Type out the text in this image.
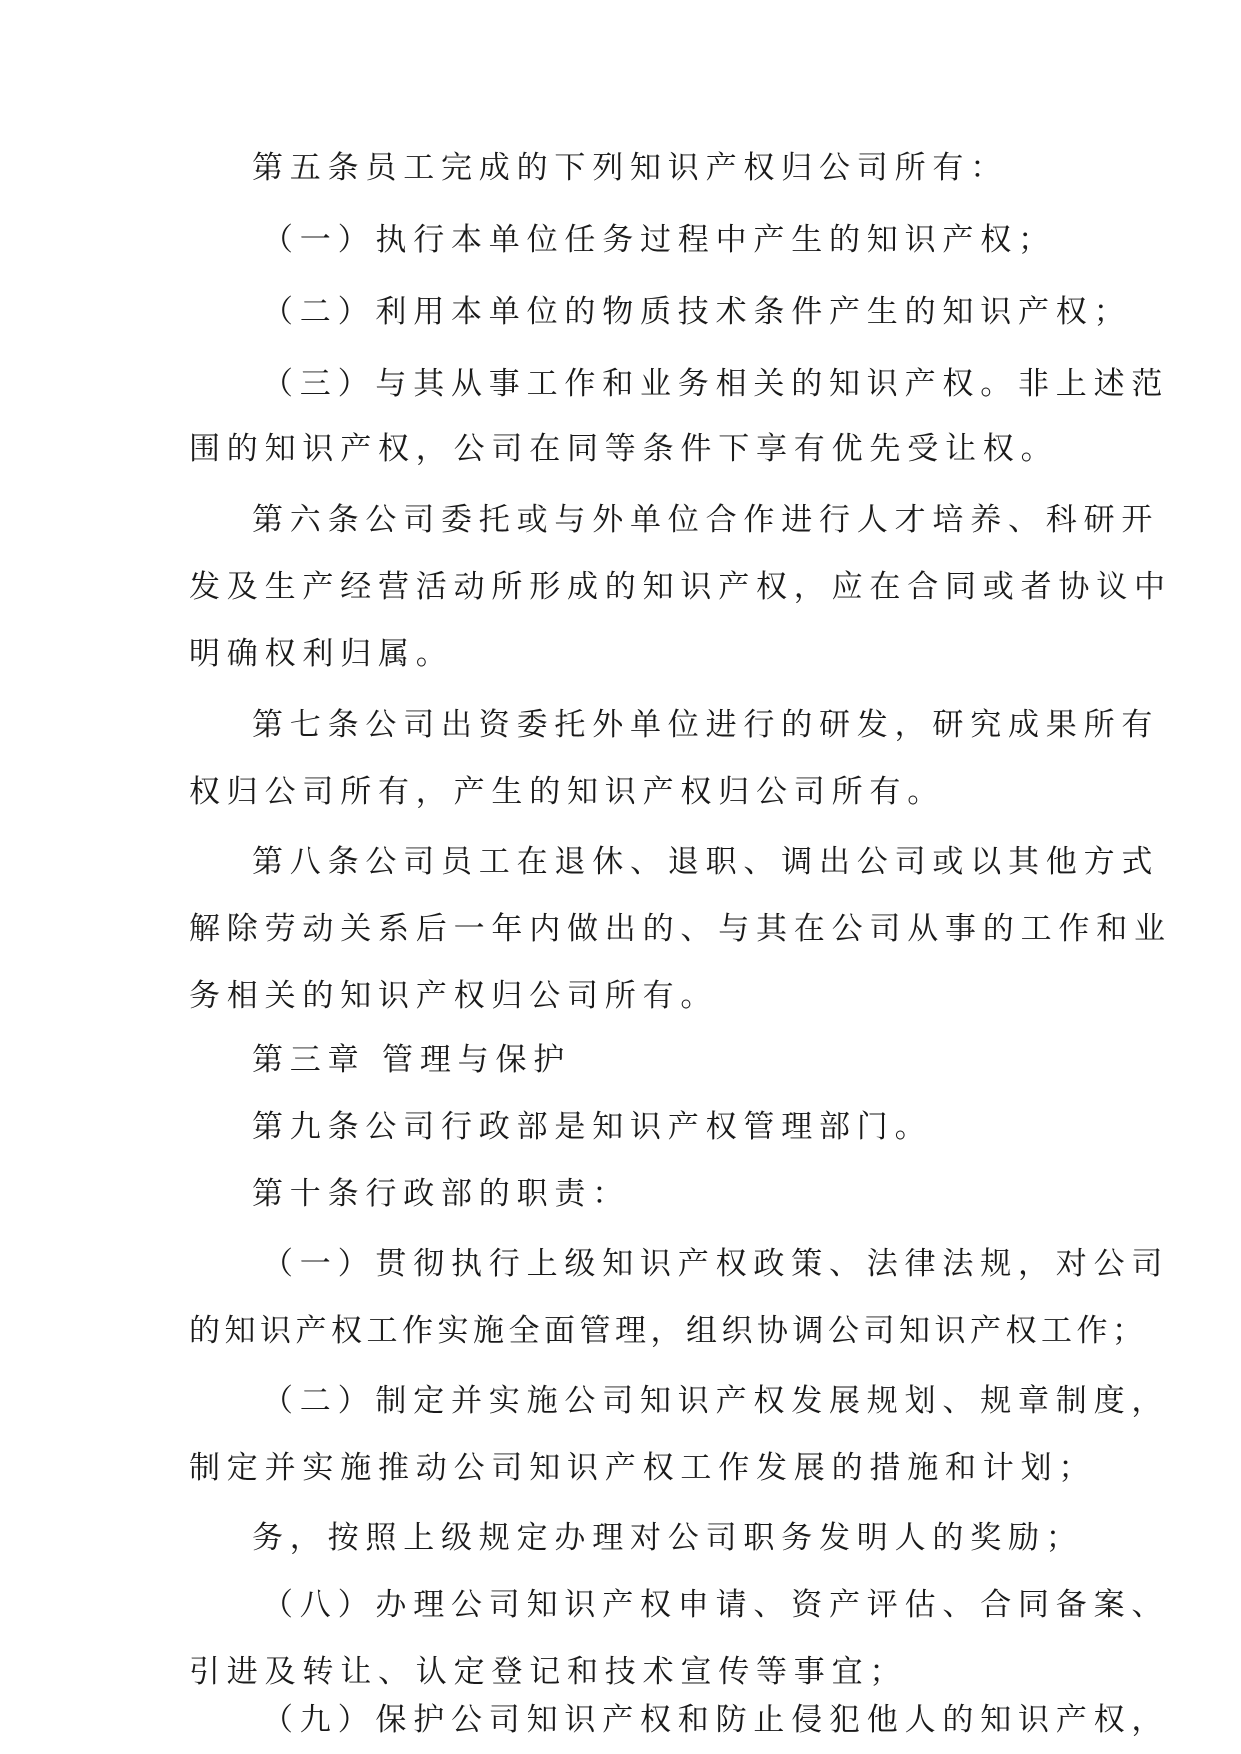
第五条员工完成的下列知识产权归公司所有：
（一）执行本单位任务过程中产生的知识产权；
（二）利用本单位的物质技术条件产生的知识产权；
（三）与其从事工作和业务相关的知识产权。非上述范
围的知识产权，公司在同等条件下享有优先受让权。
第六条公司委托或与外单位合作进行人才培养、科研开
发及生产经营活动所形成的知识产权，应在合同或者协议中
明确权利归属。
第七条公司出资委托外单位进行的研发，研究成果所有
权归公司所有，产生的知识产权归公司所有。
第八条公司员工在退休、退职、调出公司或以其他方式
解除劳动关系后一年内做出的、与其在公司从事的工作和业
务相关的知识产权归公司所有。
第三章 管理与保护
第九条公司行政部是知识产权管理部门。
第十条行政部的职责：
（一）贯彻执行上级知识产权政策、法律法规，对公司
的知识产权工作实施全面管理，组织协调公司知识产权工作；
（二）制定并实施公司知识产权发展规划、规章制度，
制定并实施推动公司知识产权工作发展的措施和计划；
务，按照上级规定办理对公司职务发明人的奖励；
（八）办理公司知识产权申请、资产评估、合同备案、
引进及转让、认定登记和技术宣传等事宜；
（九）保护公司知识产权和防止侵犯他人的知识产权，
